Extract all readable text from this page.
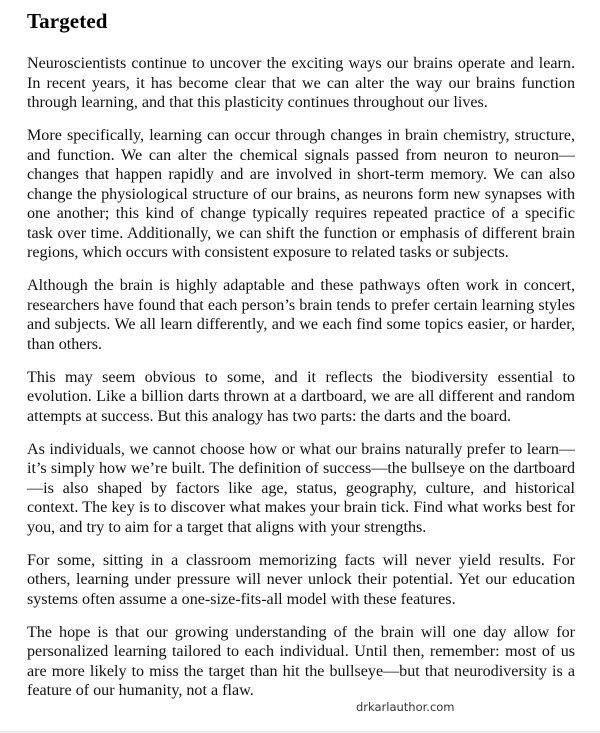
Targeted

Neuroscientists continue to uncover the exciting ways our brains operate and learn. In recent years, it has become clear that we can alter the way our brains function through learning, and that this plasticity continues throughout our lives.

More specifically, learning can occur through changes in brain chemistry, structure, and function. We can alter the chemical signals passed from neuron to neuron—changes that happen rapidly and are involved in short-term memory. We can also change the physiological structure of our brains, as neurons form new synapses with one another; this kind of change typically requires repeated practice of a specific task over time. Additionally, we can shift the function or emphasis of different brain regions, which occurs with consistent exposure to related tasks or subjects.

Although the brain is highly adaptable and these pathways often work in concert, researchers have found that each person’s brain tends to prefer certain learning styles and subjects. We all learn differently, and we each find some topics easier, or harder, than others.

This may seem obvious to some, and it reflects the biodiversity essential to evolution. Like a billion darts thrown at a dartboard, we are all different and random attempts at success. But this analogy has two parts: the darts and the board.

As individuals, we cannot choose how or what our brains naturally prefer to learn—it’s simply how we’re built. The definition of success—the bullseye on the dartboard—is also shaped by factors like age, status, geography, culture, and historical context. The key is to discover what makes your brain tick. Find what works best for you, and try to aim for a target that aligns with your strengths.

For some, sitting in a classroom memorizing facts will never yield results. For others, learning under pressure will never unlock their potential. Yet our education systems often assume a one-size-fits-all model with these features.

The hope is that our growing understanding of the brain will one day allow for personalized learning tailored to each individual. Until then, remember: most of us are more likely to miss the target than hit the bullseye—but that neurodiversity is a feature of our humanity, not a flaw.

drkarlauthor.com
